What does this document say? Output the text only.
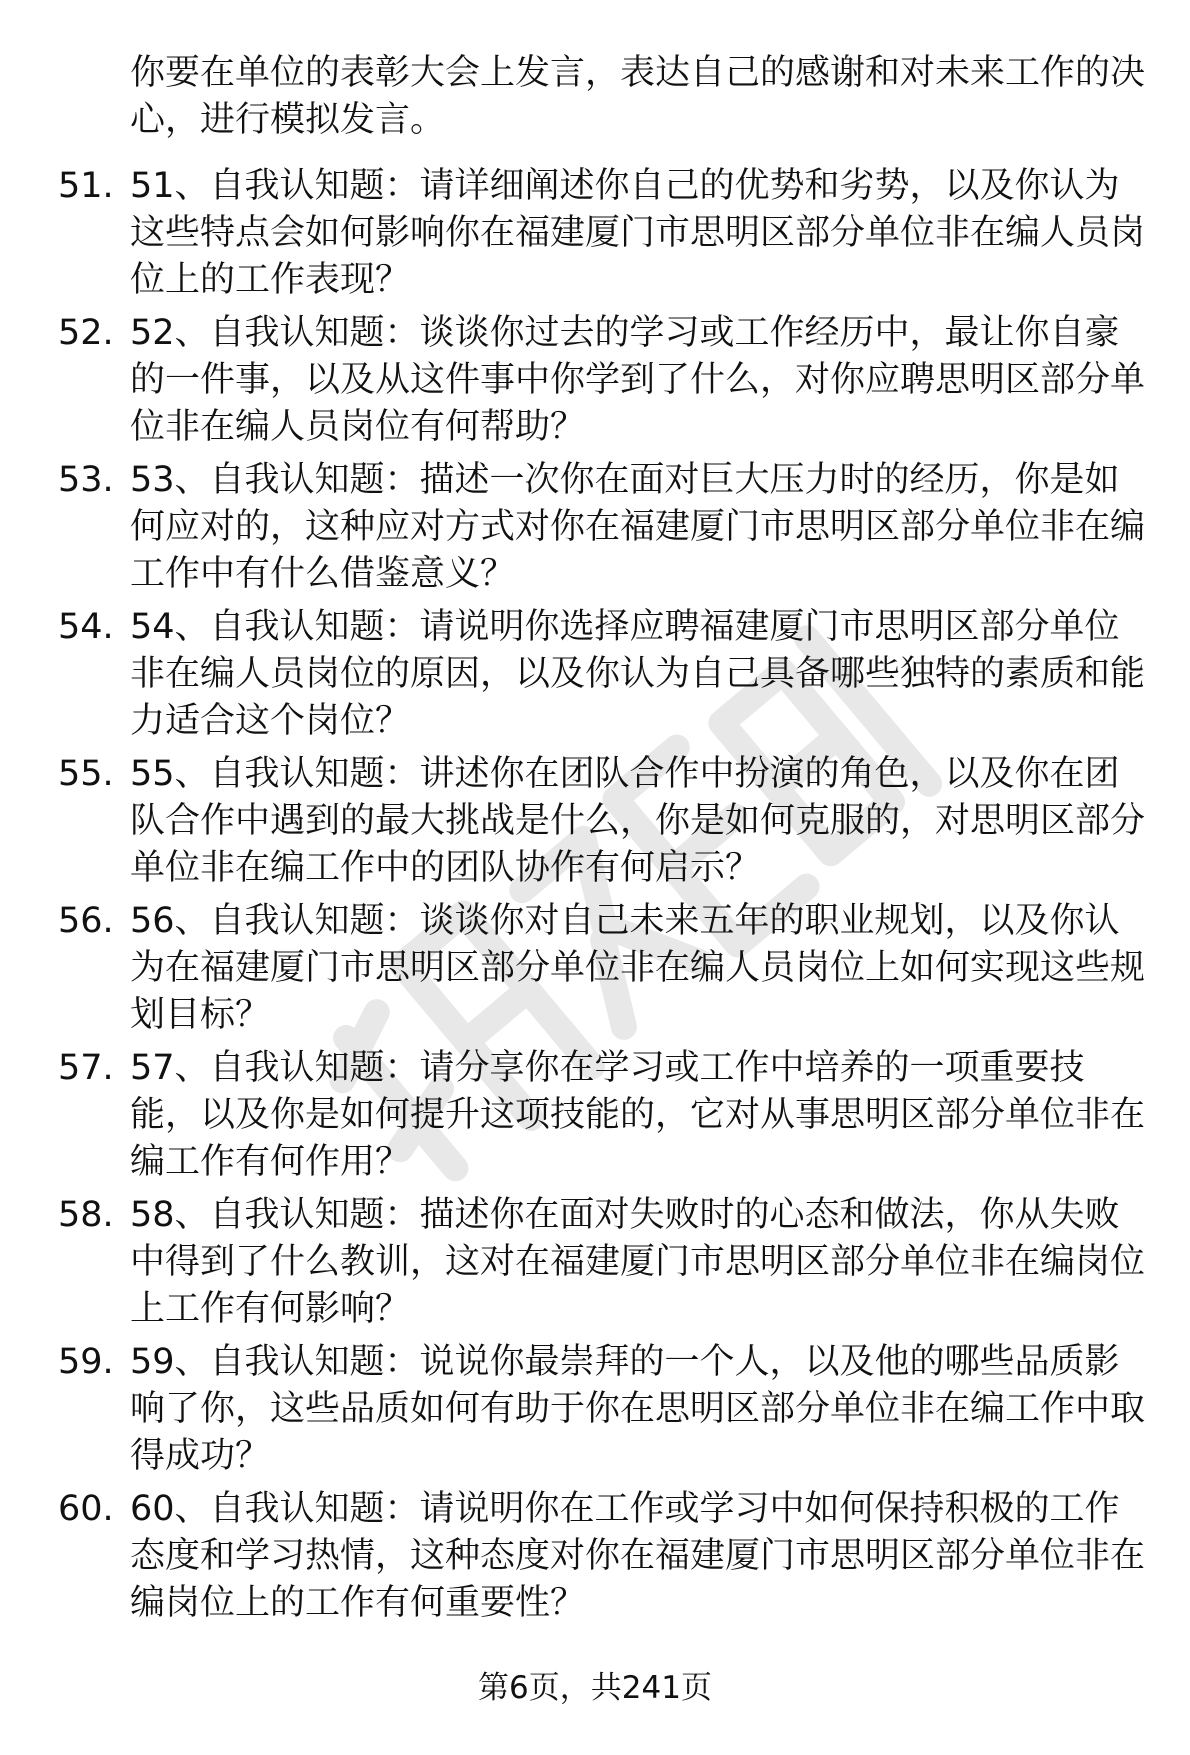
你要在单位的表彰大会上发言，表达自己的感谢和对未来工作的决心，进行模拟发言。

51. 51、自我认知题：请详细阐述你自己的优势和劣势，以及你认为这些特点会如何影响你在福建厦门市思明区部分单位非在编人员岗位上的工作表现？

52. 52、自我认知题：谈谈你过去的学习或工作经历中，最让你自豪的一件事，以及从这件事中你学到了什么，对你应聘思明区部分单位非在编人员岗位有何帮助？

53. 53、自我认知题：描述一次你在面对巨大压力时的经历，你是如何应对的，这种应对方式对你在福建厦门市思明区部分单位非在编工作中有什么借鉴意义？

54. 54、自我认知题：请说明你选择应聘福建厦门市思明区部分单位非在编人员岗位的原因，以及你认为自己具备哪些独特的素质和能力适合这个岗位？

55. 55、自我认知题：讲述你在团队合作中扮演的角色，以及你在团队合作中遇到的最大挑战是什么，你是如何克服的，对思明区部分单位非在编工作中的团队协作有何启示？

56. 56、自我认知题：谈谈你对自己未来五年的职业规划，以及你认为在福建厦门市思明区部分单位非在编人员岗位上如何实现这些规划目标？

57. 57、自我认知题：请分享你在学习或工作中培养的一项重要技能，以及你是如何提升这项技能的，它对从事思明区部分单位非在编工作有何作用？

58. 58、自我认知题：描述你在面对失败时的心态和做法，你从失败中得到了什么教训，这对在福建厦门市思明区部分单位非在编岗位上工作有何影响？

59. 59、自我认知题：说说你最崇拜的一个人，以及他的哪些品质影响了你，这些品质如何有助于你在思明区部分单位非在编工作中取得成功？

60. 60、自我认知题：请说明你在工作或学习中如何保持积极的工作态度和学习热情，这种态度对你在福建厦门市思明区部分单位非在编岗位上的工作有何重要性？

第6页，共241页
